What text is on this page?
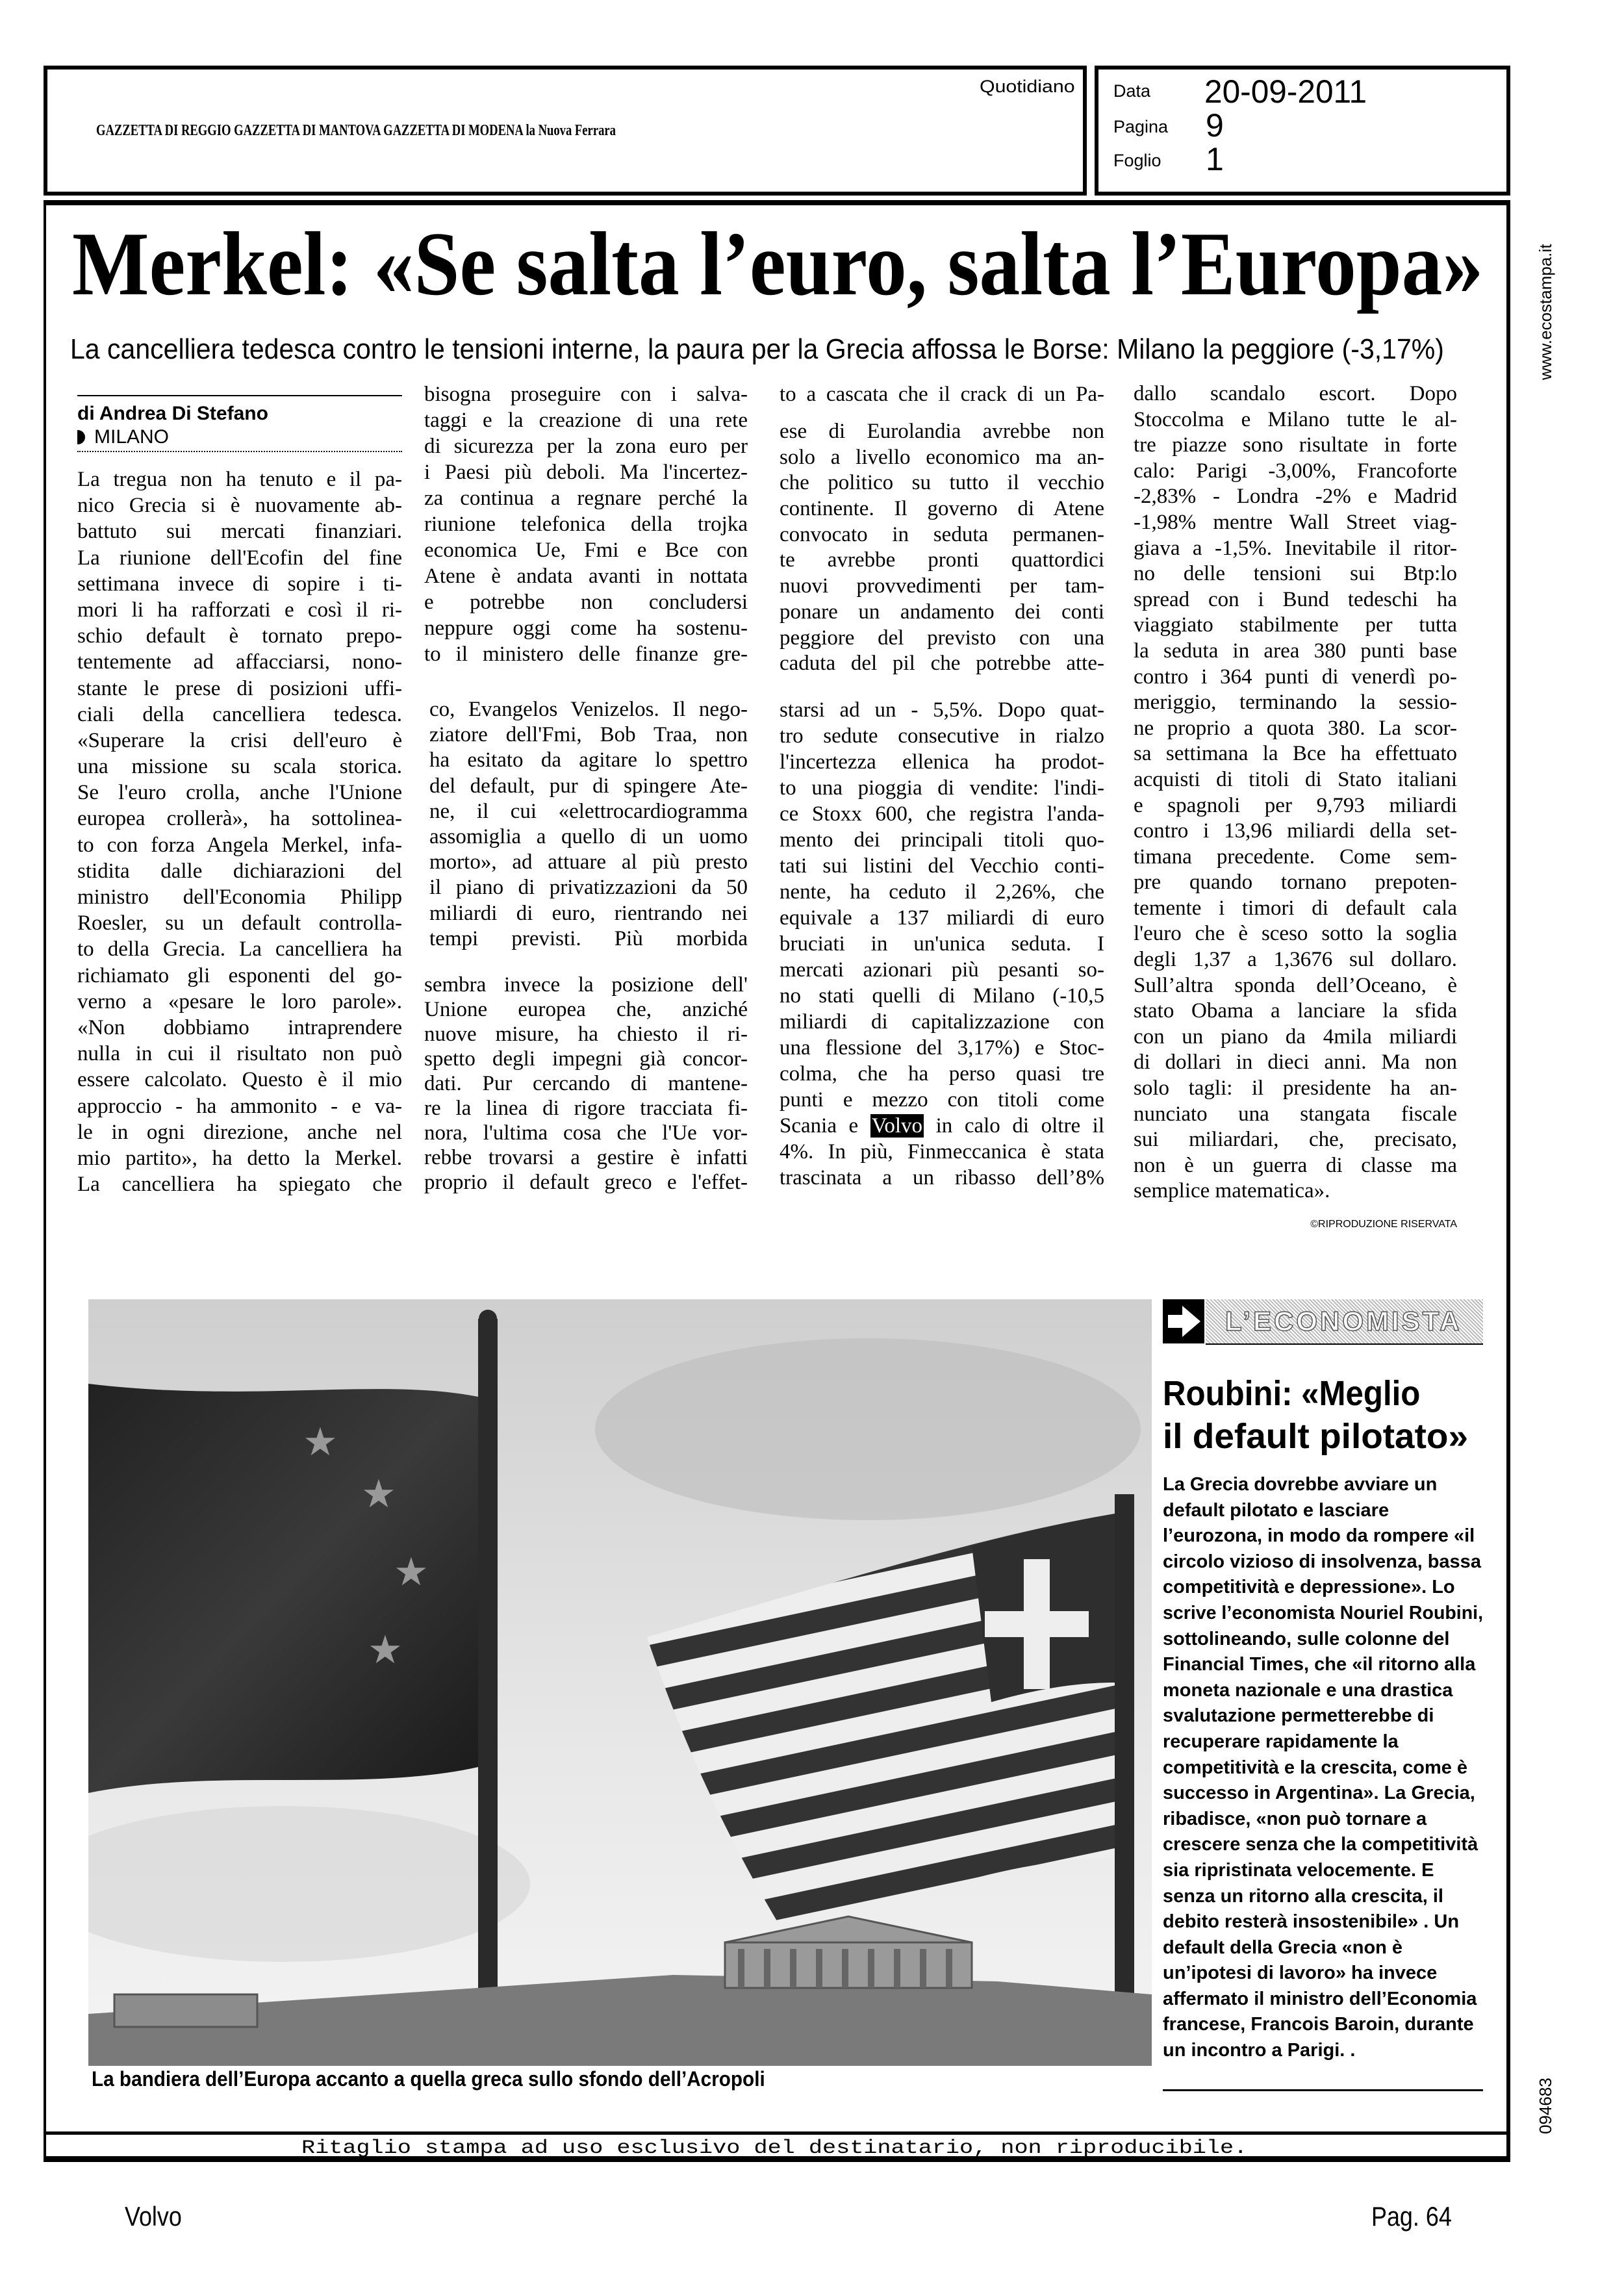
GAZZETTA DI REGGIO GAZZETTA DI MANTOVA GAZZETTA DI MODENA la Nuova Ferrara
Quotidiano Data 20-09-2011
Pagina 9
Foglio 1
www.ecostampa.it
094683
Merkel: «Se salta l’euro, salta l’Europa»
La cancelliera tedesca contro le tensioni interne, la paura per la Grecia affossa le Borse: Milano la peggiore (-3,17%)
di Andrea Di Stefano
MILANO
La tregua non ha tenuto e il pa-
nico Grecia si è nuovamente ab-
battuto sui mercati finanziari.
La riunione dell'Ecofin del fine
settimana invece di sopire i ti-
mori li ha rafforzati e così il ri-
schio default è tornato prepo-
tentemente ad affacciarsi, nono-
stante le prese di posizioni uffi-
ciali della cancelliera tedesca.
«Superare la crisi dell'euro è
una missione su scala storica.
Se l'euro crolla, anche l'Unione
europea crollerà», ha sottolinea-
to con forza Angela Merkel, infa-
stidita dalle dichiarazioni del
ministro dell'Economia Philipp
Roesler, su un default controlla-
to della Grecia. La cancelliera ha
richiamato gli esponenti del go-
verno a «pesare le loro parole».
«Non dobbiamo intraprendere
nulla in cui il risultato non può
essere calcolato. Questo è il mio
approccio - ha ammonito - e va-
le in ogni direzione, anche nel
mio partito», ha detto la Merkel.
La cancelliera ha spiegato che
bisogna proseguire con i salva-
taggi e la creazione di una rete
di sicurezza per la zona euro per
i Paesi più deboli. Ma l'incertez-
za continua a regnare perché la
riunione telefonica della trojka
economica Ue, Fmi e Bce con
Atene è andata avanti in nottata
e potrebbe non concludersi
neppure oggi come ha sostenu-
to il ministero delle finanze gre-
co, Evangelos Venizelos. Il nego-
ziatore dell'Fmi, Bob Traa, non
ha esitato da agitare lo spettro
del default, pur di spingere Ate-
ne, il cui «elettrocardiogramma
assomiglia a quello di un uomo
morto», ad attuare al più presto
il piano di privatizzazioni da 50
miliardi di euro, rientrando nei
tempi previsti. Più morbida
sembra invece la posizione dell'
Unione europea che, anziché
nuove misure, ha chiesto il ri-
spetto degli impegni già concor-
dati. Pur cercando di mantene-
re la linea di rigore tracciata fi-
nora, l'ultima cosa che l'Ue vor-
rebbe trovarsi a gestire è infatti
proprio il default greco e l'effet-
to a cascata che il crack di un Pa-
ese di Eurolandia avrebbe non
solo a livello economico ma an-
che politico su tutto il vecchio
continente. Il governo di Atene
convocato in seduta permanen-
te avrebbe pronti quattordici
nuovi provvedimenti per tam-
ponare un andamento dei conti
peggiore del previsto con una
caduta del pil che potrebbe atte-
starsi ad un - 5,5%. Dopo quat-
tro sedute consecutive in rialzo
l'incertezza ellenica ha prodot-
to una pioggia di vendite: l'indi-
ce Stoxx 600, che registra l'anda-
mento dei principali titoli quo-
tati sui listini del Vecchio conti-
nente, ha ceduto il 2,26%, che
equivale a 137 miliardi di euro
bruciati in un'unica seduta. I
mercati azionari più pesanti so-
no stati quelli di Milano (-10,5
miliardi di capitalizzazione con
una flessione del 3,17%) e Stoc-
colma, che ha perso quasi tre
punti e mezzo con titoli come
Scania e Volvo in calo di oltre il
4%. In più, Finmeccanica è stata
trascinata a un ribasso dell’8%
dallo scandalo escort. Dopo
Stoccolma e Milano tutte le al-
tre piazze sono risultate in forte
calo: Parigi -3,00%, Francoforte
-2,83% - Londra -2% e Madrid
-1,98% mentre Wall Street viag-
giava a -1,5%. Inevitabile il ritor-
no delle tensioni sui Btp:lo
spread con i Bund tedeschi ha
viaggiato stabilmente per tutta
la seduta in area 380 punti base
contro i 364 punti di venerdì po-
meriggio, terminando la sessio-
ne proprio a quota 380. La scor-
sa settimana la Bce ha effettuato
acquisti di titoli di Stato italiani
e spagnoli per 9,793 miliardi
contro i 13,96 miliardi della set-
timana precedente. Come sem-
pre quando tornano prepoten-
temente i timori di default cala
l'euro che è sceso sotto la soglia
degli 1,37 a 1,3676 sul dollaro.
Sull’altra sponda dell’Oceano, è
stato Obama a lanciare la sfida
con un piano da 4mila miliardi
di dollari in dieci anni. Ma non
solo tagli: il presidente ha an-
nunciato una stangata fiscale
sui miliardari, che, precisato,
non è un guerra di classe ma
semplice matematica».
©RIPRODUZIONE RISERVATA
★
★
★
★
La bandiera dell’Europa accanto a quella greca sullo sfondo dell’Acropoli
L’ECONOMISTA
Roubini: «Meglio
il default pilotato»
La Grecia dovrebbe avviare un
default pilotato e lasciare
l’eurozona, in modo da rompere «il
circolo vizioso di insolvenza, bassa
competitività e depressione». Lo
scrive l’economista Nouriel Roubini,
sottolineando, sulle colonne del
Financial Times, che «il ritorno alla
moneta nazionale e una drastica
svalutazione permetterebbe di
recuperare rapidamente la
competitività e la crescita, come è
successo in Argentina». La Grecia,
ribadisce, «non può tornare a
crescere senza che la competitività
sia ripristinata velocemente. E
senza un ritorno alla crescita, il
debito resterà insostenibile» . Un
default della Grecia «non è
un’ipotesi di lavoro» ha invece
affermato il ministro dell’Economia
francese, Francois Baroin, durante
un incontro a Parigi. .
Ritaglio stampa ad uso esclusivo del destinatario, non riproducibile.
Volvo	Pag. 64
